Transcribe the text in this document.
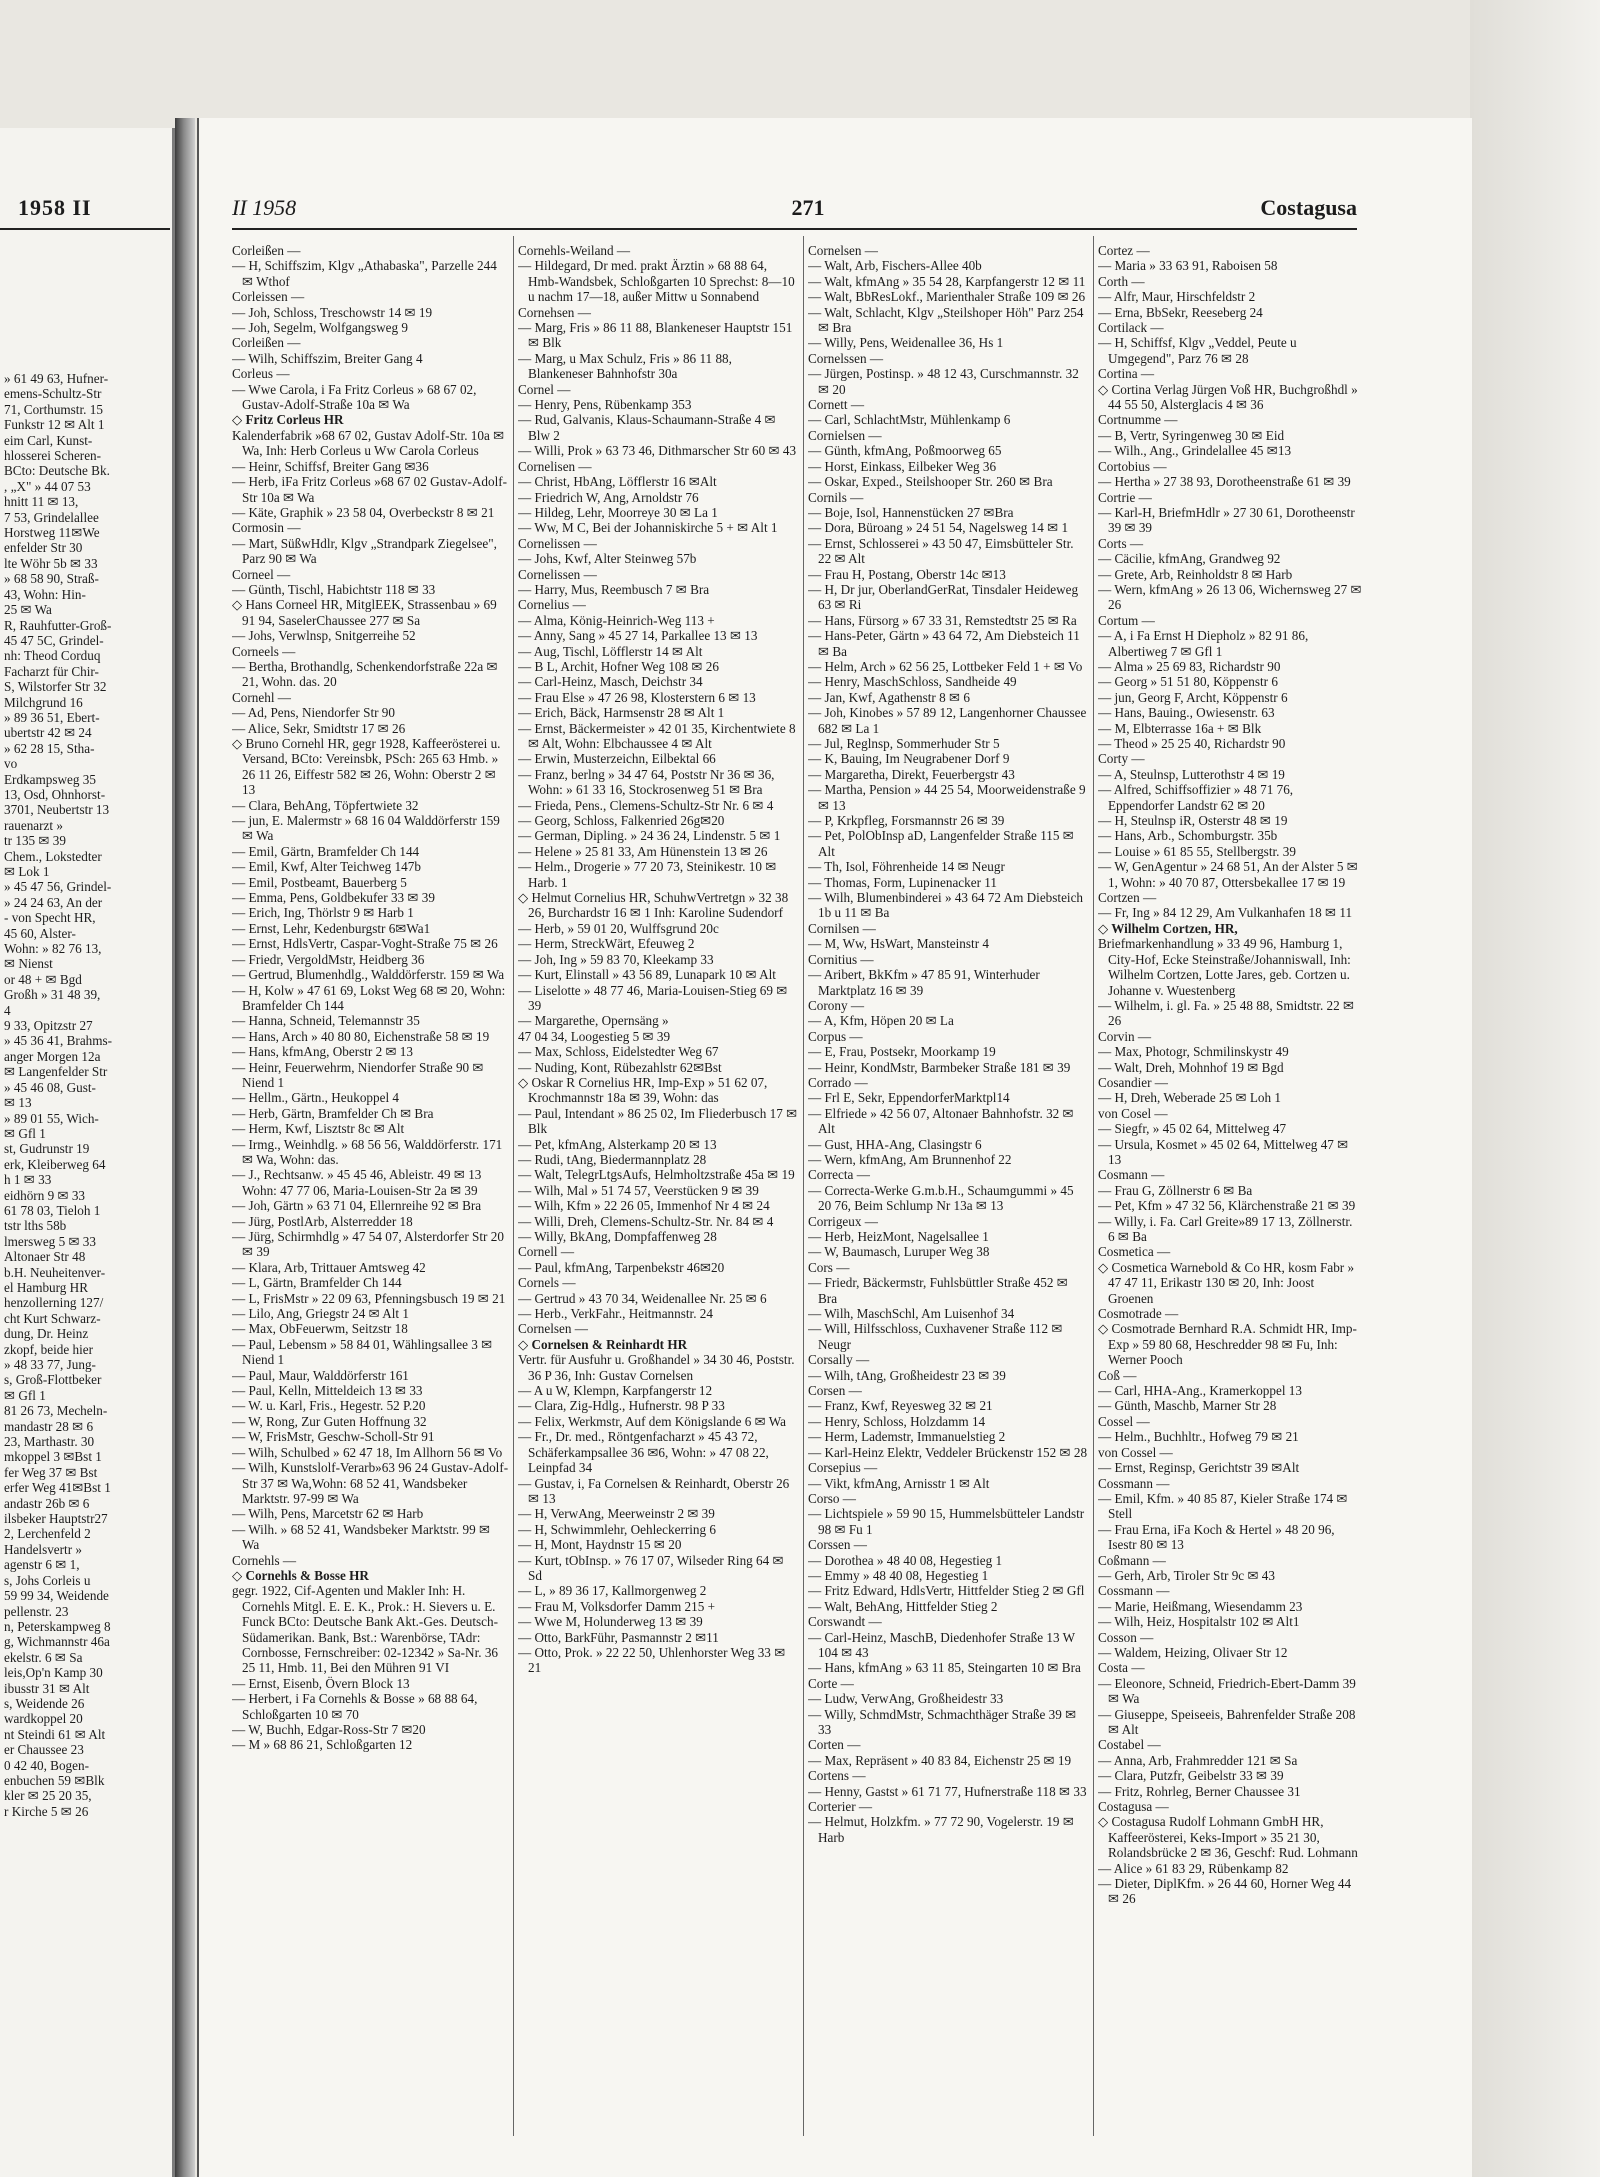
» 61 49 63, Hufner-
emens-Schultz-Str
71, Corthumstr. 15
Funkstr 12 ✉ Alt 1
eim Carl, Kunst-
hlosserei Scheren-
BCto: Deutsche Bk.
, „X" » 44 07 53
hnitt 11 ✉ 13,
7 53, Grindelallee
Horstweg 11✉We
enfelder Str 30
lte Wöhr 5b ✉ 33
» 68 58 90, Straß-
43, Wohn: Hin-
25 ✉ Wa
R, Rauhfutter-Groß-
45 47 5C, Grindel-
nh: Theod Corduq
Facharzt für Chir-
S, Wilstorfer Str 32
Milchgrund 16
» 89 36 51, Ebert-
ubertstr 42 ✉ 24
» 62 28 15, Stha-
vo
Erdkampsweg 35
13, Osd, Ohnhorst-
3701, Neubertstr 13
rauenarzt »
tr 135 ✉ 39
Chem., Lokstedter
✉ Lok 1
» 45 47 56, Grindel-
» 24 24 63, An der
- von Specht HR,
45 60, Alster-
Wohn: » 82 76 13,
✉ Nienst
or 48 + ✉ Bgd
Großh » 31 48 39,
4
9 33, Opitzstr 27
» 45 36 41, Brahms-
anger Morgen 12a
✉ Langenfelder Str
» 45 46 08, Gust-
✉ 13
» 89 01 55, Wich-
✉ Gfl 1
st, Gudrunstr 19
erk, Kleiberweg 64
h 1 ✉ 33
eidhörn 9 ✉ 33
61 78 03, Tieloh 1
tstr lths 58b
lmersweg 5 ✉ 33
Altonaer Str 48
b.H. Neuheitenver-
el Hamburg HR
henzollerning 127/
cht Kurt Schwarz-
dung, Dr. Heinz
zkopf, beide hier
» 48 33 77, Jung-
s, Groß-Flottbeker
✉ Gfl 1
81 26 73, Mecheln-
mandastr 28 ✉ 6
23, Marthastr. 30
mkoppel 3 ✉Bst 1
fer Weg 37 ✉ Bst
erfer Weg 41✉Bst 1
andastr 26b ✉ 6
ilsbeker Hauptstr27
2, Lerchenfeld 2
Handelsvertr »
agenstr 6 ✉ 1,
s, Johs Corleis u
59 99 34, Weidende
pellenstr. 23
n, Peterskampweg 8
g, Wichmannstr 46a
ekelstr. 6 ✉ Sa
leis,Op'n Kamp 30
ibusstr 31 ✉ Alt
s, Weidende 26
wardkoppel 20
nt Steindi 61 ✉ Alt
er Chaussee 23
0 42 40, Bogen-
enbuchen 59 ✉Blk
kler ✉ 25 20 35,
r Kirche 5 ✉ 26
1958 II	II 1958	271	Costagusa

Corleißen —

— H, Schiffszim, Klgv „Athabaska", Parzelle 244 ✉ Wthof

Corleissen —

— Joh, Schloss, Treschowstr 14 ✉ 19

— Joh, Segelm, Wolfgangsweg 9

Corleißen —

— Wilh, Schiffszim, Breiter Gang 4

Corleus —

— Wwe Carola, i Fa Fritz Corleus » 68 67 02, Gustav-Adolf-Straße 10a ✉ Wa

◇ Fritz Corleus HR

Kalenderfabrik »68 67 02, Gustav Adolf-Str. 10a ✉Wa, Inh: Herb Corleus u Ww Carola Corleus

— Heinr, Schiffsf, Breiter Gang ✉36

— Herb, iFa Fritz Corleus »68 67 02 Gustav-Adolf-Str 10a ✉ Wa

— Käte, Graphik » 23 58 04, Overbeckstr 8 ✉ 21

Cormosin —

— Mart, SüßwHdlr, Klgv „Strandpark Ziegelsee", Parz 90 ✉ Wa

Corneel —

— Günth, Tischl, Habichtstr 118 ✉ 33

◇ Hans Corneel HR, MitglEEK, Strassenbau » 69 91 94, SaselerChaussee 277 ✉ Sa

— Johs, Verwlnsp, Snitgerreihe 52

Corneels —

— Bertha, Brothandlg, Schenkendorfstraße 22a ✉ 21, Wohn. das. 20

Cornehl —

— Ad, Pens, Niendorfer Str 90

— Alice, Sekr, Smidtstr 17 ✉ 26

◇ Bruno Cornehl HR, gegr 1928, Kaffeerösterei u. Versand, BCto: Vereinsbk, PSch: 265 63 Hmb. » 26 11 26, Eiffestr 582 ✉ 26, Wohn: Oberstr 2 ✉ 13

— Clara, BehAng, Töpfertwiete 32

— jun, E. Malermstr » 68 16 04 Walddörferstr 159 ✉ Wa

— Emil, Gärtn, Bramfelder Ch 144

— Emil, Kwf, Alter Teichweg 147b

— Emil, Postbeamt, Bauerberg 5

— Emma, Pens, Goldbekufer 33 ✉ 39

— Erich, Ing, Thörlstr 9 ✉ Harb 1

— Ernst, Lehr, Kedenburgstr 6✉Wa1

— Ernst, HdlsVertr, Caspar-Voght-Straße 75 ✉ 26

— Friedr, VergoldMstr, Heidberg 36

— Gertrud, Blumenhdlg., Walddörferstr. 159 ✉ Wa

— H, Kolw » 47 61 69, Lokst Weg 68 ✉ 20, Wohn: Bramfelder Ch 144

— Hanna, Schneid, Telemannstr 35

— Hans, Arch » 40 80 80, Eichenstraße 58 ✉ 19

— Hans, kfmAng, Oberstr 2 ✉ 13

— Heinr, Feuerwehrm, Niendorfer Straße 90 ✉ Niend 1

— Hellm., Gärtn., Heukoppel 4

— Herb, Gärtn, Bramfelder Ch ✉ Bra

— Herm, Kwf, Lisztstr 8c ✉ Alt

— Irmg., Weinhdlg. » 68 56 56, Walddörferstr. 171 ✉ Wa, Wohn: das.

— J., Rechtsanw. » 45 45 46, Ableistr. 49 ✉ 13 Wohn: 47 77 06, Maria-Louisen-Str 2a ✉ 39

— Joh, Gärtn » 63 71 04, Ellernreihe 92 ✉ Bra

— Jürg, PostlArb, Alsterredder 18

— Jürg, Schirmhdlg » 47 54 07, Alsterdorfer Str 20 ✉ 39

— Klara, Arb, Trittauer Amtsweg 42

— L, Gärtn, Bramfelder Ch 144

— L, FrisMstr » 22 09 63, Pfenningsbusch 19 ✉ 21

— Lilo, Ang, Griegstr 24 ✉ Alt 1

— Max, ObFeuerwm, Seitzstr 18

— Paul, Lebensm » 58 84 01, Wählingsallee 3 ✉ Niend 1

— Paul, Maur, Walddörferstr 161

— Paul, Kelln, Mitteldeich 13 ✉ 33

— W. u. Karl, Fris., Hegestr. 52 P.20

— W, Rong, Zur Guten Hoffnung 32

— W, FrisMstr, Geschw-Scholl-Str 91

— Wilh, Schulbed » 62 47 18, Im Allhorn 56 ✉ Vo

— Wilh, Kunstslolf-Verarb»63 96 24 Gustav-Adolf-Str 37 ✉ Wa,Wohn: 68 52 41, Wandsbeker Marktstr. 97-99 ✉ Wa

— Wilh, Pens, Marcetstr 62 ✉ Harb

— Wilh. » 68 52 41, Wandsbeker Marktstr. 99 ✉ Wa

Cornehls —

◇ Cornehls & Bosse HR

gegr. 1922, Cif-Agenten und Makler Inh: H. Cornehls Mitgl. E. E. K., Prok.: H. Sievers u. E. Funck BCto: Deutsche Bank Akt.-Ges. Deutsch-Südamerikan. Bank, Bst.: Warenbörse, TAdr: Cornbosse, Fernschreiber: 02-12342 » Sa-Nr. 36 25 11, Hmb. 11, Bei den Mühren 91 VI

— Ernst, Eisenb, Övern Block 13

— Herbert, i Fa Cornehls & Bosse » 68 88 64, Schloßgarten 10 ✉ 70

— W, Buchh, Edgar-Ross-Str 7 ✉20

— M » 68 86 21, Schloßgarten 12

Cornehls-Weiland —

— Hildegard, Dr med. prakt Ärztin » 68 88 64, Hmb-Wandsbek, Schloßgarten 10 Sprechst: 8—10 u nachm 17—18, außer Mittw u Sonnabend

Cornehsen —

— Marg, Fris » 86 11 88, Blankeneser Hauptstr 151 ✉ Blk

— Marg, u Max Schulz, Fris » 86 11 88, Blankeneser Bahnhofstr 30a

Cornel —

— Henry, Pens, Rübenkamp 353

— Rud, Galvanis, Klaus-Schaumann-Straße 4 ✉ Blw 2

— Willi, Prok » 63 73 46, Dithmarscher Str 60 ✉ 43

Cornelisen —

— Christ, HbAng, Löfflerstr 16 ✉Alt

— Friedrich W, Ang, Arnoldstr 76

— Hildeg, Lehr, Moorreye 30 ✉ La 1

— Ww, M C, Bei der Johanniskirche 5 + ✉ Alt 1

Cornelissen —

— Johs, Kwf, Alter Steinweg 57b

Cornelissen —

— Harry, Mus, Reembusch 7 ✉ Bra

Cornelius —

— Alma, König-Heinrich-Weg 113 +

— Anny, Sang » 45 27 14, Parkallee 13 ✉ 13

— Aug, Tischl, Löfflerstr 14 ✉ Alt

— B L, Archit, Hofner Weg 108 ✉ 26

— Carl-Heinz, Masch, Deichstr 34

— Frau Else » 47 26 98, Klosterstern 6 ✉ 13

— Erich, Bäck, Harmsenstr 28 ✉ Alt 1

— Ernst, Bäckermeister » 42 01 35, Kirchentwiete 8 ✉ Alt, Wohn: Elbchaussee 4 ✉ Alt

— Erwin, Musterzeichn, Eilbektal 66

— Franz, berlng » 34 47 64, Poststr Nr 36 ✉ 36, Wohn: » 61 33 16, Stockrosenweg 51 ✉ Bra

— Frieda, Pens., Clemens-Schultz-Str Nr. 6 ✉ 4

— Georg, Schloss, Falkenried 26g✉20

— German, Dipling. » 24 36 24, Lindenstr. 5 ✉ 1

— Helene » 25 81 33, Am Hünenstein 13 ✉ 26

— Helm., Drogerie » 77 20 73, Steinikestr. 10 ✉ Harb. 1

◇ Helmut Cornelius HR, SchuhwVertretgn » 32 38 26, Burchardstr 16 ✉ 1 Inh: Karoline Sudendorf

— Herb, » 59 01 20, Wulffsgrund 20c

— Herm, StreckWärt, Efeuweg 2

— Joh, Ing » 59 83 70, Kleekamp 33

— Kurt, Elinstall » 43 56 89, Lunapark 10 ✉ Alt

— Liselotte » 48 77 46, Maria-Louisen-Stieg 69 ✉ 39

— Margarethe, Opernsäng »

47 04 34, Loogestieg 5 ✉ 39

— Max, Schloss, Eidelstedter Weg 67

— Nuding, Kont, Rübezahlstr 62✉Bst

◇ Oskar R Cornelius HR, Imp-Exp » 51 62 07, Krochmannstr 18a ✉ 39, Wohn: das

— Paul, Intendant » 86 25 02, Im Fliederbusch 17 ✉ Blk

— Pet, kfmAng, Alsterkamp 20 ✉ 13

— Rudi, tAng, Biedermannplatz 28

— Walt, TelegrLtgsAufs, Helmholtzstraße 45a ✉ 19

— Wilh, Mal » 51 74 57, Veerstücken 9 ✉ 39

— Wilh, Kfm » 22 26 05, Immenhof Nr 4 ✉ 24

— Willi, Dreh, Clemens-Schultz-Str. Nr. 84 ✉ 4

— Willy, BkAng, Dompfaffenweg 28

Cornell —

— Paul, kfmAng, Tarpenbekstr 46✉20

Cornels —

— Gertrud » 43 70 34, Weidenallee Nr. 25 ✉ 6

— Herb., VerkFahr., Heitmannstr. 24

Cornelsen —

◇ Cornelsen & Reinhardt HR

Vertr. für Ausfuhr u. Großhandel » 34 30 46, Poststr. 36 P 36, Inh: Gustav Cornelsen

— A u W, Klempn, Karpfangerstr 12

— Clara, Zig-Hdlg., Hufnerstr. 98 P 33

— Felix, Werkmstr, Auf dem Königslande 6 ✉ Wa

— Fr., Dr. med., Röntgenfacharzt » 45 43 72, Schäferkampsallee 36 ✉6, Wohn: » 47 08 22, Leinpfad 34

— Gustav, i, Fa Cornelsen & Reinhardt, Oberstr 26 ✉ 13

— H, VerwAng, Meerweinstr 2 ✉ 39

— H, Schwimmlehr, Oehleckerring 6

— H, Mont, Haydnstr 15 ✉ 20

— Kurt, tObInsp. » 76 17 07, Wilseder Ring 64 ✉ Sd

— L, » 89 36 17, Kallmorgenweg 2

— Frau M, Volksdorfer Damm 215 +

— Wwe M, Holunderweg 13 ✉ 39

— Otto, BarkFühr, Pasmannstr 2 ✉11

— Otto, Prok. » 22 22 50, Uhlenhorster Weg 33 ✉ 21

Cornelsen —

— Walt, Arb, Fischers-Allee 40b

— Walt, kfmAng » 35 54 28, Karpfangerstr 12 ✉ 11

— Walt, BbResLokf., Marienthaler Straße 109 ✉ 26

— Walt, Schlacht, Klgv „Steilshoper Höh" Parz 254 ✉ Bra

— Willy, Pens, Weidenallee 36, Hs 1

Cornelssen —

— Jürgen, Postinsp. » 48 12 43, Curschmannstr. 32 ✉ 20

Cornett —

— Carl, SchlachtMstr, Mühlenkamp 6

Cornielsen —

— Günth, kfmAng, Poßmoorweg 65

— Horst, Einkass, Eilbeker Weg 36

— Oskar, Exped., Steilshooper Str. 260 ✉ Bra

Cornils —

— Boje, Isol, Hannenstücken 27 ✉Bra

— Dora, Büroang » 24 51 54, Nagelsweg 14 ✉ 1

— Ernst, Schlosserei » 43 50 47, Eimsbütteler Str. 22 ✉ Alt

— Frau H, Postang, Oberstr 14c ✉13

— H, Dr jur, OberlandGerRat, Tinsdaler Heideweg 63 ✉ Ri

— Hans, Fürsorg » 67 33 31, Remstedtstr 25 ✉ Ra

— Hans-Peter, Gärtn » 43 64 72, Am Diebsteich 11 ✉ Ba

— Helm, Arch » 62 56 25, Lottbeker Feld 1 + ✉ Vo

— Henry, MaschSchloss, Sandheide 49

— Jan, Kwf, Agathenstr 8 ✉ 6

— Joh, Kinobes » 57 89 12, Langenhorner Chaussee 682 ✉ La 1

— Jul, Reglnsp, Sommerhuder Str 5

— K, Bauing, Im Neugrabener Dorf 9

— Margaretha, Direkt, Feuerbergstr 43

— Martha, Pension » 44 25 54, Moorweidenstraße 9 ✉ 13

— P, Krkpfleg, Forsmannstr 26 ✉ 39

— Pet, PolObInsp aD, Langenfelder Straße 115 ✉ Alt

— Th, Isol, Föhrenheide 14 ✉ Neugr

— Thomas, Form, Lupinenacker 11

— Wilh, Blumenbinderei » 43 64 72 Am Diebsteich 1b u 11 ✉ Ba

Cornilsen —

— M, Ww, HsWart, Mansteinstr 4

Cornitius —

— Aribert, BkKfm » 47 85 91, Winterhuder Marktplatz 16 ✉ 39

Corony —

— A, Kfm, Höpen 20 ✉ La

Corpus —

— E, Frau, Postsekr, Moorkamp 19

— Heinr, KondMstr, Barmbeker Straße 181 ✉ 39

Corrado —

— Frl E, Sekr, EppendorferMarktpl14

— Elfriede » 42 56 07, Altonaer Bahnhofstr. 32 ✉ Alt

— Gust, HHA-Ang, Clasingstr 6

— Wern, kfmAng, Am Brunnenhof 22

Correcta —

— Correcta-Werke G.m.b.H., Schaumgummi » 45 20 76, Beim Schlump Nr 13a ✉ 13

Corrigeux —

— Herb, HeizMont, Nagelsallee 1

— W, Baumasch, Luruper Weg 38

Cors —

— Friedr, Bäckermstr, Fuhlsbüttler Straße 452 ✉ Bra

— Wilh, MaschSchl, Am Luisenhof 34

— Will, Hilfsschloss, Cuxhavener Straße 112 ✉ Neugr

Corsally —

— Wilh, tAng, Großheidestr 23 ✉ 39

Corsen —

— Franz, Kwf, Reyesweg 32 ✉ 21

— Henry, Schloss, Holzdamm 14

— Herm, Lademstr, Immanuelstieg 2

— Karl-Heinz Elektr, Veddeler Brückenstr 152 ✉ 28

Corsepius —

— Vikt, kfmAng, Arnisstr 1 ✉ Alt

Corso —

— Lichtspiele » 59 90 15, Hummelsbütteler Landstr 98 ✉ Fu 1

Corssen —

— Dorothea » 48 40 08, Hegestieg 1

— Emmy » 48 40 08, Hegestieg 1

— Fritz Edward, HdlsVertr, Hittfelder Stieg 2 ✉ Gfl

— Walt, BehAng, Hittfelder Stieg 2

Corswandt —

— Carl-Heinz, MaschB, Diedenhofer Straße 13 W 104 ✉ 43

— Hans, kfmAng » 63 11 85, Steingarten 10 ✉ Bra

Corte —

— Ludw, VerwAng, Großheidestr 33

— Willy, SchmdMstr, Schmachthäger Straße 39 ✉ 33

Corten —

— Max, Repräsent » 40 83 84, Eichenstr 25 ✉ 19

Cortens —

— Henny, Gastst » 61 71 77, Hufnerstraße 118 ✉ 33

Corterier —

— Helmut, Holzkfm. » 77 72 90, Vogelerstr. 19 ✉ Harb

Cortez —

— Maria » 33 63 91, Raboisen 58

Corth —

— Alfr, Maur, Hirschfeldstr 2

— Erna, BbSekr, Reeseberg 24

Cortilack —

— H, Schiffsf, Klgv „Veddel, Peute u Umgegend", Parz 76 ✉ 28

Cortina —

◇ Cortina Verlag Jürgen Voß HR, Buchgroßhdl » 44 55 50, Alsterglacis 4 ✉ 36

Cortnumme —

— B, Vertr, Syringenweg 30 ✉ Eid

— Wilh., Ang., Grindelallee 45 ✉13

Cortobius —

— Hertha » 27 38 93, Dorotheenstraße 61 ✉ 39

Cortrie —

— Karl-H, BriefmHdlr » 27 30 61, Dorotheenstr 39 ✉ 39

Corts —

— Cäcilie, kfmAng, Grandweg 92

— Grete, Arb, Reinholdstr 8 ✉ Harb

— Wern, kfmAng » 26 13 06, Wichernsweg 27 ✉ 26

Cortum —

— A, i Fa Ernst H Diepholz » 82 91 86, Albertiweg 7 ✉ Gfl 1

— Alma » 25 69 83, Richardstr 90

— Georg » 51 51 80, Köppenstr 6

— jun, Georg F, Archt, Köppenstr 6

— Hans, Bauing., Owiesenstr. 63

— M, Elbterrasse 16a + ✉ Blk

— Theod » 25 25 40, Richardstr 90

Corty —

— A, Steulnsp, Lutterothstr 4 ✉ 19

— Alfred, Schiffsoffizier » 48 71 76, Eppendorfer Landstr 62 ✉ 20

— H, Steulnsp iR, Osterstr 48 ✉ 19

— Hans, Arb., Schomburgstr. 35b

— Louise » 61 85 55, Stellbergstr. 39

— W, GenAgentur » 24 68 51, An der Alster 5 ✉ 1, Wohn: » 40 70 87, Ottersbekallee 17 ✉ 19

Cortzen —

— Fr, Ing » 84 12 29, Am Vulkanhafen 18 ✉ 11

◇ Wilhelm Cortzen, HR,

Briefmarkenhandlung » 33 49 96, Hamburg 1, City-Hof, Ecke Steinstraße/Johanniswall, Inh: Wilhelm Cortzen, Lotte Jares, geb. Cortzen u. Johanne v. Wuestenberg

— Wilhelm, i. gl. Fa. » 25 48 88, Smidtstr. 22 ✉ 26

Corvin —

— Max, Photogr, Schmilinskystr 49

— Walt, Dreh, Mohnhof 19 ✉ Bgd

Cosandier —

— H, Dreh, Weberade 25 ✉ Loh 1

von Cosel —

— Siegfr, » 45 02 64, Mittelweg 47

— Ursula, Kosmet » 45 02 64, Mittelweg 47 ✉ 13

Cosmann —

— Frau G, Zöllnerstr 6 ✉ Ba

— Pet, Kfm » 47 32 56, Klärchenstraße 21 ✉ 39

— Willy, i. Fa. Carl Greite»89 17 13, Zöllnerstr. 6 ✉ Ba

Cosmetica —

◇ Cosmetica Warnebold & Co HR, kosm Fabr » 47 47 11, Erikastr 130 ✉ 20, Inh: Joost Groenen

Cosmotrade —

◇ Cosmotrade Bernhard R.A. Schmidt HR, Imp-Exp » 59 80 68, Heschredder 98 ✉ Fu, Inh: Werner Pooch

Coß —

— Carl, HHA-Ang., Kramerkoppel 13

— Günth, Maschb, Marner Str 28

Cossel —

— Helm., Buchhltr., Hofweg 79 ✉ 21

von Cossel —

— Ernst, Reginsp, Gerichtstr 39 ✉Alt

Cossmann —

— Emil, Kfm. » 40 85 87, Kieler Straße 174 ✉ Stell

— Frau Erna, iFa Koch & Hertel » 48 20 96, Isestr 80 ✉ 13

Coßmann —

— Gerh, Arb, Tiroler Str 9c ✉ 43

Cossmann —

— Marie, Heißmang, Wiesendamm 23

— Wilh, Heiz, Hospitalstr 102 ✉ Alt1

Cosson —

— Waldem, Heizing, Olivaer Str 12

Costa —

— Eleonore, Schneid, Friedrich-Ebert-Damm 39 ✉ Wa

— Giuseppe, Speiseeis, Bahrenfelder Straße 208 ✉ Alt

Costabel —

— Anna, Arb, Frahmredder 121 ✉ Sa

— Clara, Putzfr, Geibelstr 33 ✉ 39

— Fritz, Rohrleg, Berner Chaussee 31

Costagusa —

◇ Costagusa Rudolf Lohmann GmbH HR, Kaffeerösterei, Keks-Import » 35 21 30, Rolandsbrücke 2 ✉ 36, Geschf: Rud. Lohmann

— Alice » 61 83 29, Rübenkamp 82

— Dieter, DiplKfm. » 26 44 60, Horner Weg 44 ✉ 26
